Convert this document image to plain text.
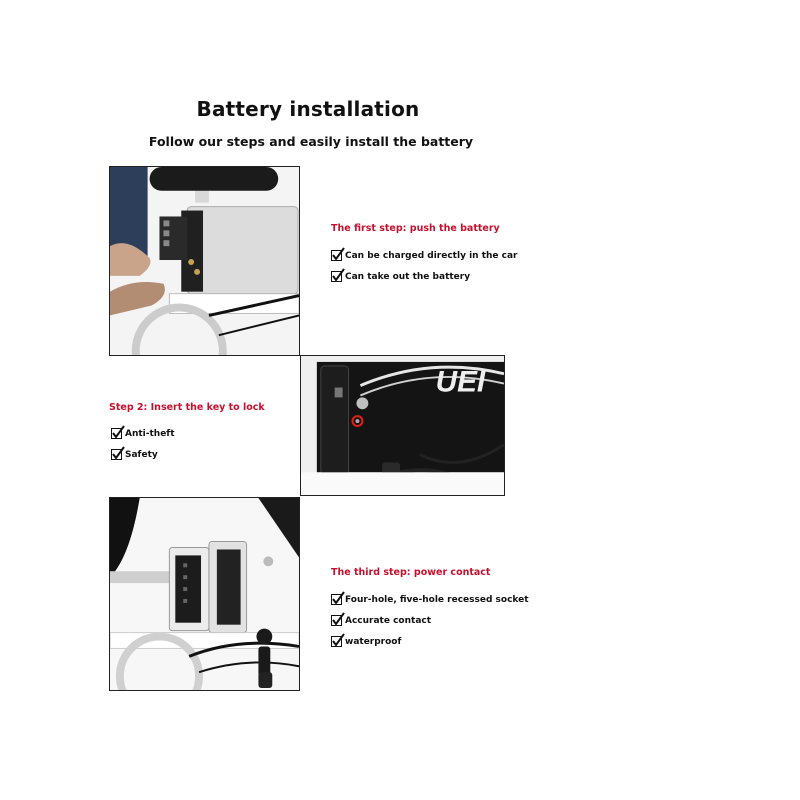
Battery installation
Follow our steps and easily install the battery
The first step: push the battery
Can be charged directly in the car
Can take out the battery
UEI
Step 2: Insert the key to lock
Anti-theft
Safety
The third step: power contact
Four-hole, five-hole recessed socket
Accurate contact
waterproof
